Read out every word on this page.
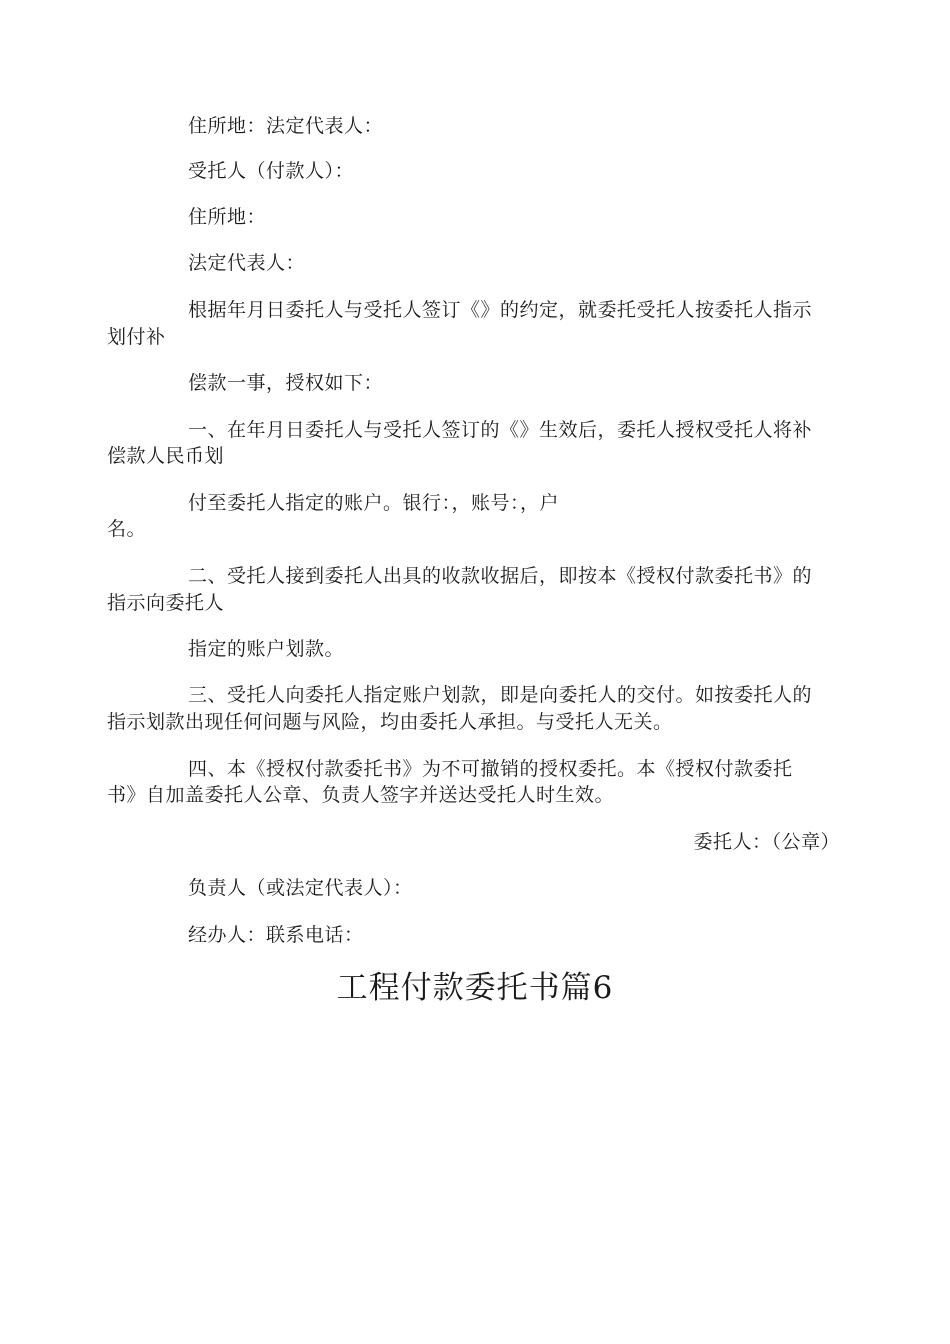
住所地：法定代表人：
受托人（付款人）：
住所地：
法定代表人：
根据年月日委托人与受托人签订《》的约定，就委托受托人按委托人指示
划付补
偿款一事，授权如下：
一、在年月日委托人与受托人签订的《》生效后，委托人授权受托人将补
偿款人民币划
付至委托人指定的账户。银行：，账号：，户
名。
二、受托人接到委托人出具的收款收据后，即按本《授权付款委托书》的
指示向委托人
指定的账户划款。
三、受托人向委托人指定账户划款，即是向委托人的交付。如按委托人的
指示划款出现任何问题与风险，均由委托人承担。与受托人无关。
四、本《授权付款委托书》为不可撤销的授权委托。本《授权付款委托
书》自加盖委托人公章、负责人签字并送达受托人时生效。
委托人：（公章）
负责人（或法定代表人）：
经办人：联系电话：
工程付款委托书篇6
